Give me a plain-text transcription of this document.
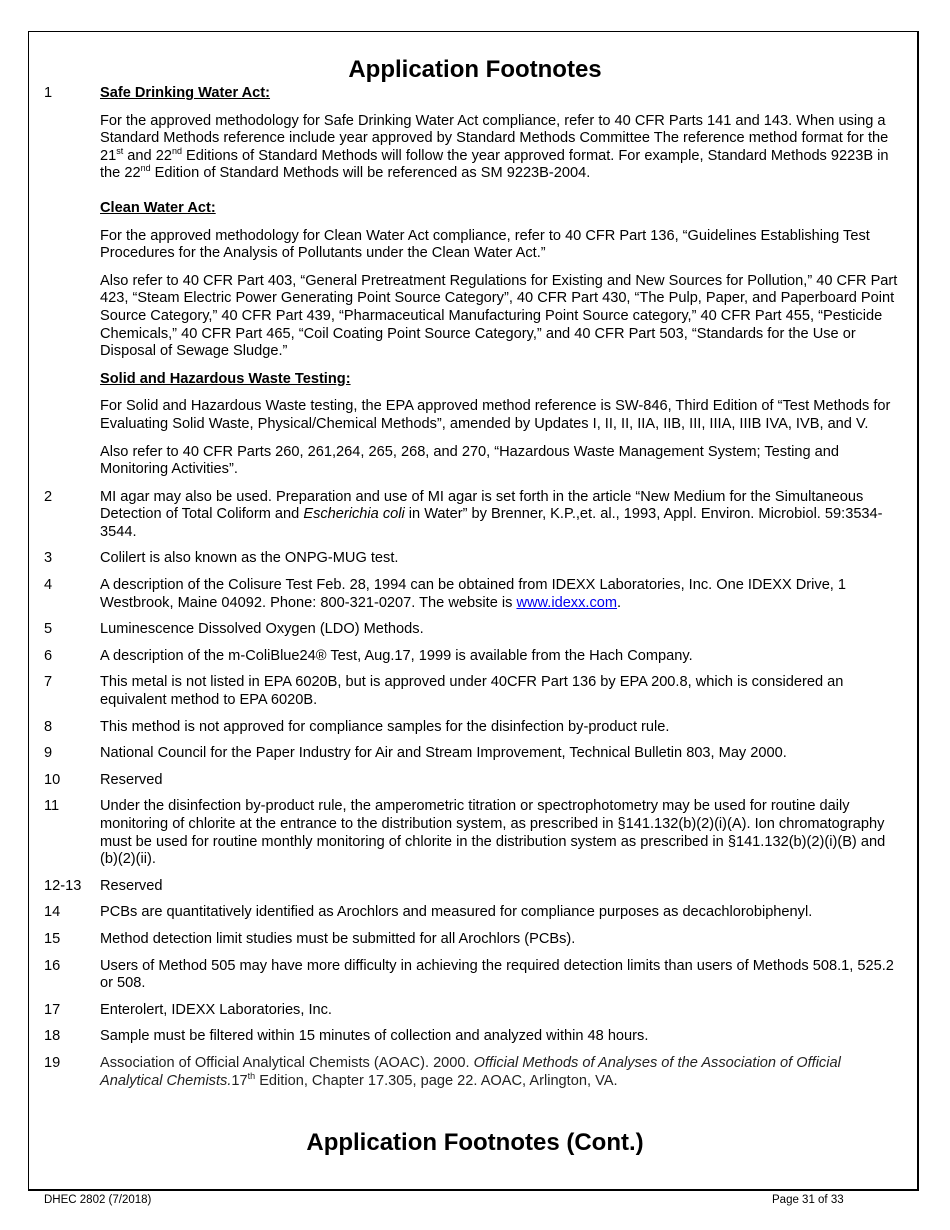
Application Footnotes
1	Safe Drinking Water Act:

For the approved methodology for Safe Drinking Water Act compliance, refer to 40 CFR Parts 141 and 143. When using a Standard Methods reference include year approved by Standard Methods Committee The reference method format for the 21st and 22nd Editions of Standard Methods will follow the year approved format. For example, Standard Methods 9223B in the 22nd Edition of Standard Methods will be referenced as SM 9223B-2004.

Clean Water Act:

For the approved methodology for Clean Water Act compliance, refer to 40 CFR Part 136, “Guidelines Establishing Test Procedures for the Analysis of Pollutants under the Clean Water Act.”

Also refer to 40 CFR Part 403, “General Pretreatment Regulations for Existing and New Sources for Pollution,” 40 CFR Part 423, “Steam Electric Power Generating Point Source Category”, 40 CFR Part 430, “The Pulp, Paper, and Paperboard Point Source Category,” 40 CFR Part 439, “Pharmaceutical Manufacturing Point Source category,” 40 CFR Part 455, “Pesticide Chemicals,” 40 CFR Part 465, “Coil Coating Point Source Category,” and 40 CFR Part 503, “Standards for the Use or Disposal of Sewage Sludge.”

Solid and Hazardous Waste Testing:

For Solid and Hazardous Waste testing, the EPA approved method reference is SW-846, Third Edition of “Test Methods for Evaluating Solid Waste, Physical/Chemical Methods”, amended by Updates I, II, II, IIA, IIB, III, IIIA, IIIB IVA, IVB, and V.

Also refer to 40 CFR Parts 260, 261,264, 265, 268, and 270, “Hazardous Waste Management System; Testing and Monitoring Activities”.

2	MI agar may also be used. Preparation and use of MI agar is set forth in the article “New Medium for the Simultaneous Detection of Total Coliform and Escherichia coli in Water” by Brenner, K.P.,et. al., 1993, Appl. Environ. Microbiol. 59:3534-3544.

3	Colilert is also known as the ONPG-MUG test.

4	A description of the Colisure Test Feb. 28, 1994 can be obtained from IDEXX Laboratories, Inc. One IDEXX Drive, 1 Westbrook, Maine 04092. Phone: 800-321-0207. The website is www.idexx.com.

5	Luminescence Dissolved Oxygen (LDO) Methods.

6	A description of the m-ColiBlue24® Test, Aug.17, 1999 is available from the Hach Company.

7	This metal is not listed in EPA 6020B, but is approved under 40CFR Part 136 by EPA 200.8, which is considered an equivalent method to EPA 6020B.

8	This method is not approved for compliance samples for the disinfection by-product rule.

9	National Council for the Paper Industry for Air and Stream Improvement, Technical Bulletin 803, May 2000.

10	Reserved

11	Under the disinfection by-product rule, the amperometric titration or spectrophotometry may be used for routine daily monitoring of chlorite at the entrance to the distribution system, as prescribed in §141.132(b)(2)(i)(A). Ion chromatography must be used for routine monthly monitoring of chlorite in the distribution system as prescribed in §141.132(b)(2)(i)(B) and (b)(2)(ii).

12-13 Reserved

14	PCBs are quantitatively identified as Arochlors and measured for compliance purposes as decachlorobiphenyl.

15	Method detection limit studies must be submitted for all Arochlors (PCBs).

16	Users of Method 505 may have more difficulty in achieving the required detection limits than users of Methods 508.1, 525.2 or 508.

17	Enterolert, IDEXX Laboratories, Inc.

18	Sample must be filtered within 15 minutes of collection and analyzed within 48 hours.

19	Association of Official Analytical Chemists (AOAC). 2000. Official Methods of Analyses of the Association of Official Analytical Chemists.17th Edition, Chapter 17.305, page 22. AOAC, Arlington, VA.

Application Footnotes (Cont.)
DHEC 2802 (7/2018)	Page 31 of 33
